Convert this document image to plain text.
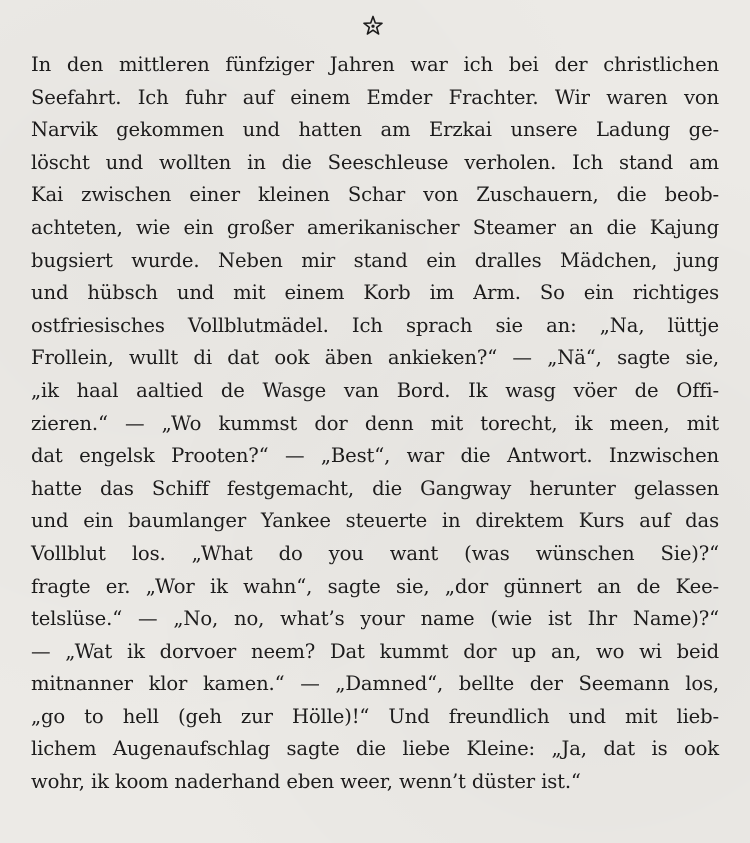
In den mittleren fünfziger Jahren war ich bei der christlichen
Seefahrt. Ich fuhr auf einem Emder Frachter. Wir waren von
Narvik gekommen und hatten am Erzkai unsere Ladung ge-
löscht und wollten in die Seeschleuse verholen. Ich stand am
Kai zwischen einer kleinen Schar von Zuschauern, die beob-
achteten, wie ein großer amerikanischer Steamer an die Kajung
bugsiert wurde. Neben mir stand ein dralles Mädchen, jung
und hübsch und mit einem Korb im Arm. So ein richtiges
ostfriesisches Vollblutmädel. Ich sprach sie an: „Na, lüttje
Frollein, wullt di dat ook äben ankieken?“ — „Nä“, sagte sie,
„ik haal aaltied de Wasge van Bord. Ik wasg vöer de Offi-
zieren.“ — „Wo kummst dor denn mit torecht, ik meen, mit
dat engelsk Prooten?“ — „Best“, war die Antwort. Inzwischen
hatte das Schiff festgemacht, die Gangway herunter gelassen
und ein baumlanger Yankee steuerte in direktem Kurs auf das
Vollblut los. „What do you want (was wünschen Sie)?“
fragte er. „Wor ik wahn“, sagte sie, „dor günnert an de Kee-
telslüse.“ — „No, no, what’s your name (wie ist Ihr Name)?“
— „Wat ik dorvoer neem? Dat kummt dor up an, wo wi beid
mitnanner klor kamen.“ — „Damned“, bellte der Seemann los,
„go to hell (geh zur Hölle)!“ Und freundlich und mit lieb-
lichem Augenaufschlag sagte die liebe Kleine: „Ja, dat is ook
wohr, ik koom naderhand eben weer, wenn’t düster ist.“
